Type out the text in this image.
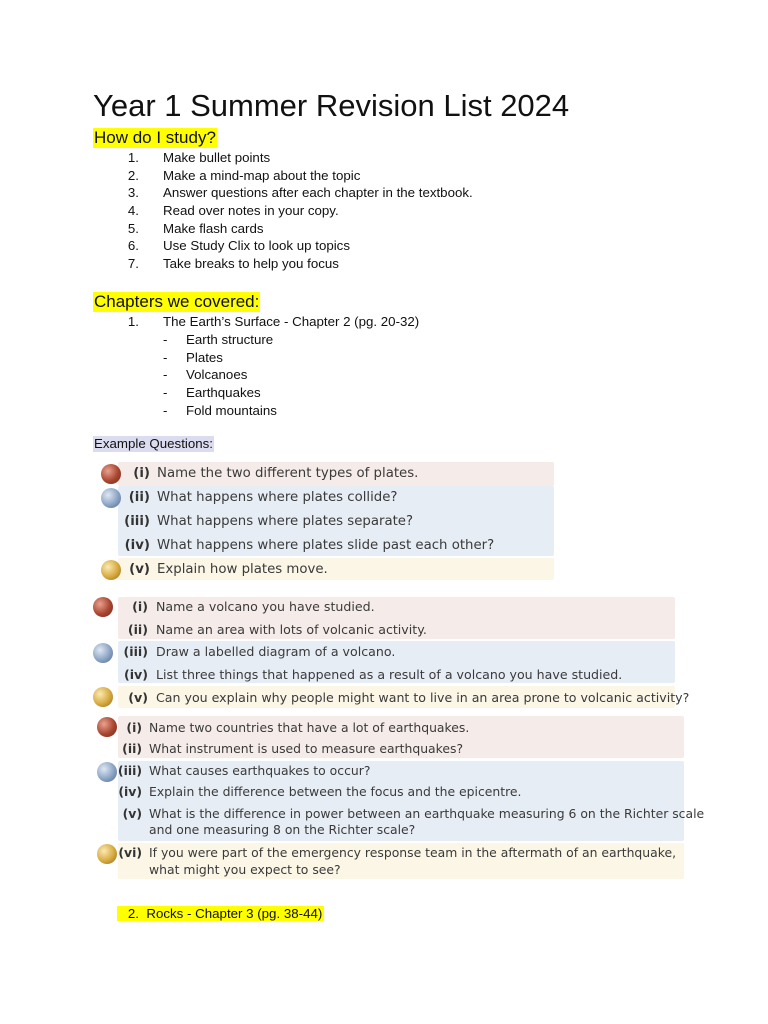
Year 1 Summer Revision List 2024
How do I study?
1. Make bullet points
2. Make a mind-map about the topic
3. Answer questions after each chapter in the textbook.
4. Read over notes in your copy.
5. Make flash cards
6. Use Study Clix to look up topics
7. Take breaks to help you focus
Chapters we covered:
1. The Earth’s Surface - Chapter 2 (pg. 20-32)
- Earth structure
- Plates
- Volcanoes
- Earthquakes
- Fold mountains
Example Questions:
(i) Name the two different types of plates.
(ii) What happens where plates collide?
(iii) What happens where plates separate?
(iv) What happens where plates slide past each other?
(v) Explain how plates move.
(i) Name a volcano you have studied.
(ii) Name an area with lots of volcanic activity.
(iii) Draw a labelled diagram of a volcano.
(iv) List three things that happened as a result of a volcano you have studied.
(v) Can you explain why people might want to live in an area prone to volcanic activity?
(i) Name two countries that have a lot of earthquakes.
(ii) What instrument is used to measure earthquakes?
(iii) What causes earthquakes to occur?
(iv) Explain the difference between the focus and the epicentre.
(v) What is the difference in power between an earthquake measuring 6 on the Richter scale
and one measuring 8 on the Richter scale?
(vi) If you were part of the emergency response team in the aftermath of an earthquake,
what might you expect to see?
2. Rocks - Chapter 3 (pg. 38-44)
